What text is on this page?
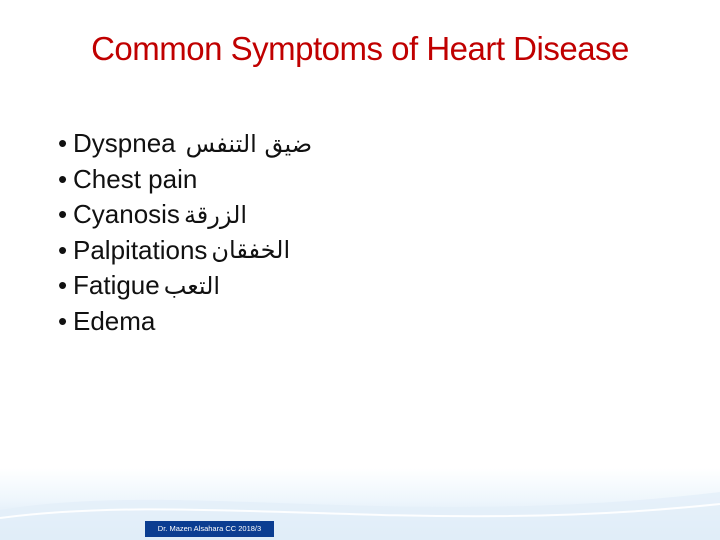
Common Symptoms of Heart Disease
• Dyspnea ضيق التنفس
• Chest pain
• Cyanosis الزرقة
• Palpitations الخفقان
• Fatigue التعب
• Edema
Dr. Mazen Alsahara CC 2018/3
